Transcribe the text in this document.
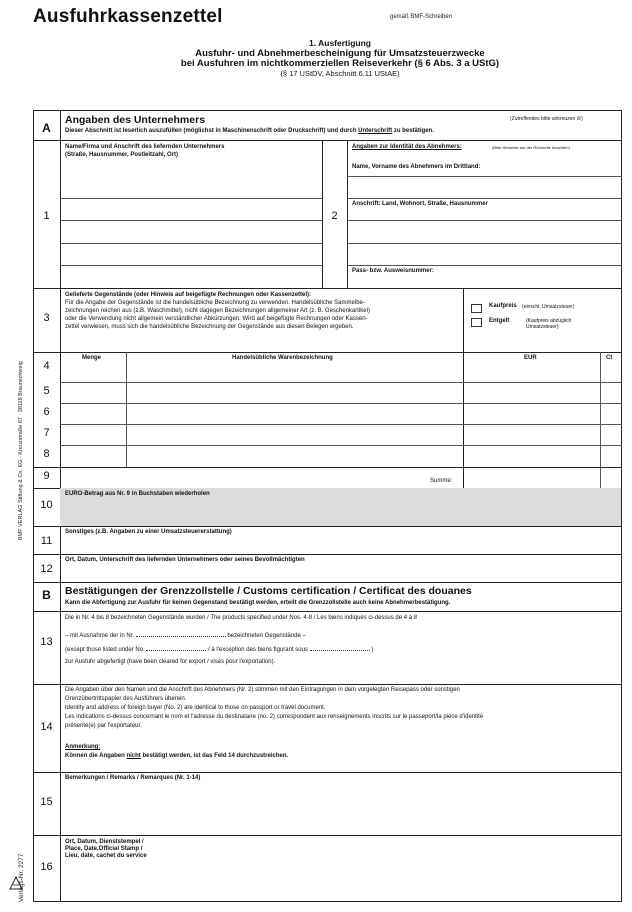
Ausfuhrkassenzettel	gemäß BMF-Schreiben
1. Ausfertigung
Ausfuhr- und Abnehmerbescheinigung für Umsatzsteuerzwecke
bei Ausfuhren im nichtkommerziellen Reiseverkehr (§ 6 Abs. 3 a UStG)
(§ 17 UStDV, Abschnitt 6.11 UStAE)
BMF VERLAG Stiftung & Co. KG · Kreuzstraße 67 · 38118 Braunschweig
Verlags-Nr. 2277
A
Angaben des Unternehmers	(Zutreffendes bitte ankreuzen ☒)
Dieser Abschnitt ist leserlich auszufüllen (möglichst in Maschinenschrift oder Druckschrift) und durch Unterschrift zu bestätigen.
1
Name/Firma und Anschrift des liefernden Unternehmers
(Straße, Hausnummer, Postleitzahl, Ort)
2
Angaben zur Identität des Abnehmers:	(Bitte Hinweise auf der Rückseite beachten)
Name, Vorname des Abnehmers im Drittland:
Anschrift: Land, Wohnort, Straße, Hausnummer
Pass- bzw. Ausweisnummer:
3
Gelieferte Gegenstände (oder Hinweis auf beigefügte Rechnungen oder Kassenzettel):
Für die Angabe der Gegenstände ist die handelsübliche Bezeichnung zu verwenden. Handelsübliche Sammelbe-
zeichnungen reichen aus (z.B. Waschmittel), nicht dagegen Bezeichnungen allgemeiner Art (z. B. Geschenkartikel)
oder die Verwendung nicht allgemein verständlicher Abkürzungen. Wird auf beigefügte Rechnungen oder Kassen-
zettel verwiesen, muss sich die handelsübliche Bezeichnung der Gegenstände aus diesen Belegen ergeben.
Kaufpreis (einschl. Umsatzsteuer)
Entgelt	(Kaufpreis abzüglich
Umsatzsteuer)
Menge	Handelsübliche Warenbezeichnung	EUR	Ct
4
5
6
7
8
9	Summe:
10
EURO-Betrag aus Nr. 9 in Buchstaben wiederholen
11
Sonstiges (z.B. Angaben zu einer Umsatzsteuererstattung)
12
Ort, Datum, Unterschrift des liefernden Unternehmers oder seines Bevollmächtigten
B	Bestätigungen der Grenzzollstelle / Customs certification / Certificat des douanes
Kann die Abfertigung zur Ausfuhr für keinen Gegenstand bestätigt werden, erteilt die Grenzzollstelle auch keine Abnehmerbestätigung.
13
Die in Nr. 4 bis 8 bezeichneten Gegenstände wurden / The products specified under Nos. 4-8 / Les biens indiqués ci-dessus de 4 à 8
– mit Ausnahme der in Nr.	bezeichneten Gegenstände –
(except those listed under No.	/ à l'exception des biens figurant sous	)
zur Ausfuhr abgefertigt (have been cleared for export / visés pour l'exportation).
14
Die Angaben über den Namen und die Anschrift des Abnehmers (Nr. 2) stimmen mit den Eintragungen in dem vorgelegten Reisepass oder sonstigen
Grenzübertrittspapier des Ausführers überein.
Identity and address of foreign buyer (No. 2) are identical to those on passport or travel document.
Les indications ci-dessus concernant le nom et l'adresse du destinataire (no. 2) correspondent aux renseignements inscrits sur le passeport/la pièce d'identité
présenté(e) par l'exportateur.
Anmerkung:
Können die Angaben nicht bestätigt werden, ist das Feld 14 durchzustreichen.
15
Bemerkungen / Remarks / Remarques (Nr. 1-14)
16
Ort, Datum, Dienststempel /
Place, Date,Official Stamp /
Lieu, date, cachet du service
